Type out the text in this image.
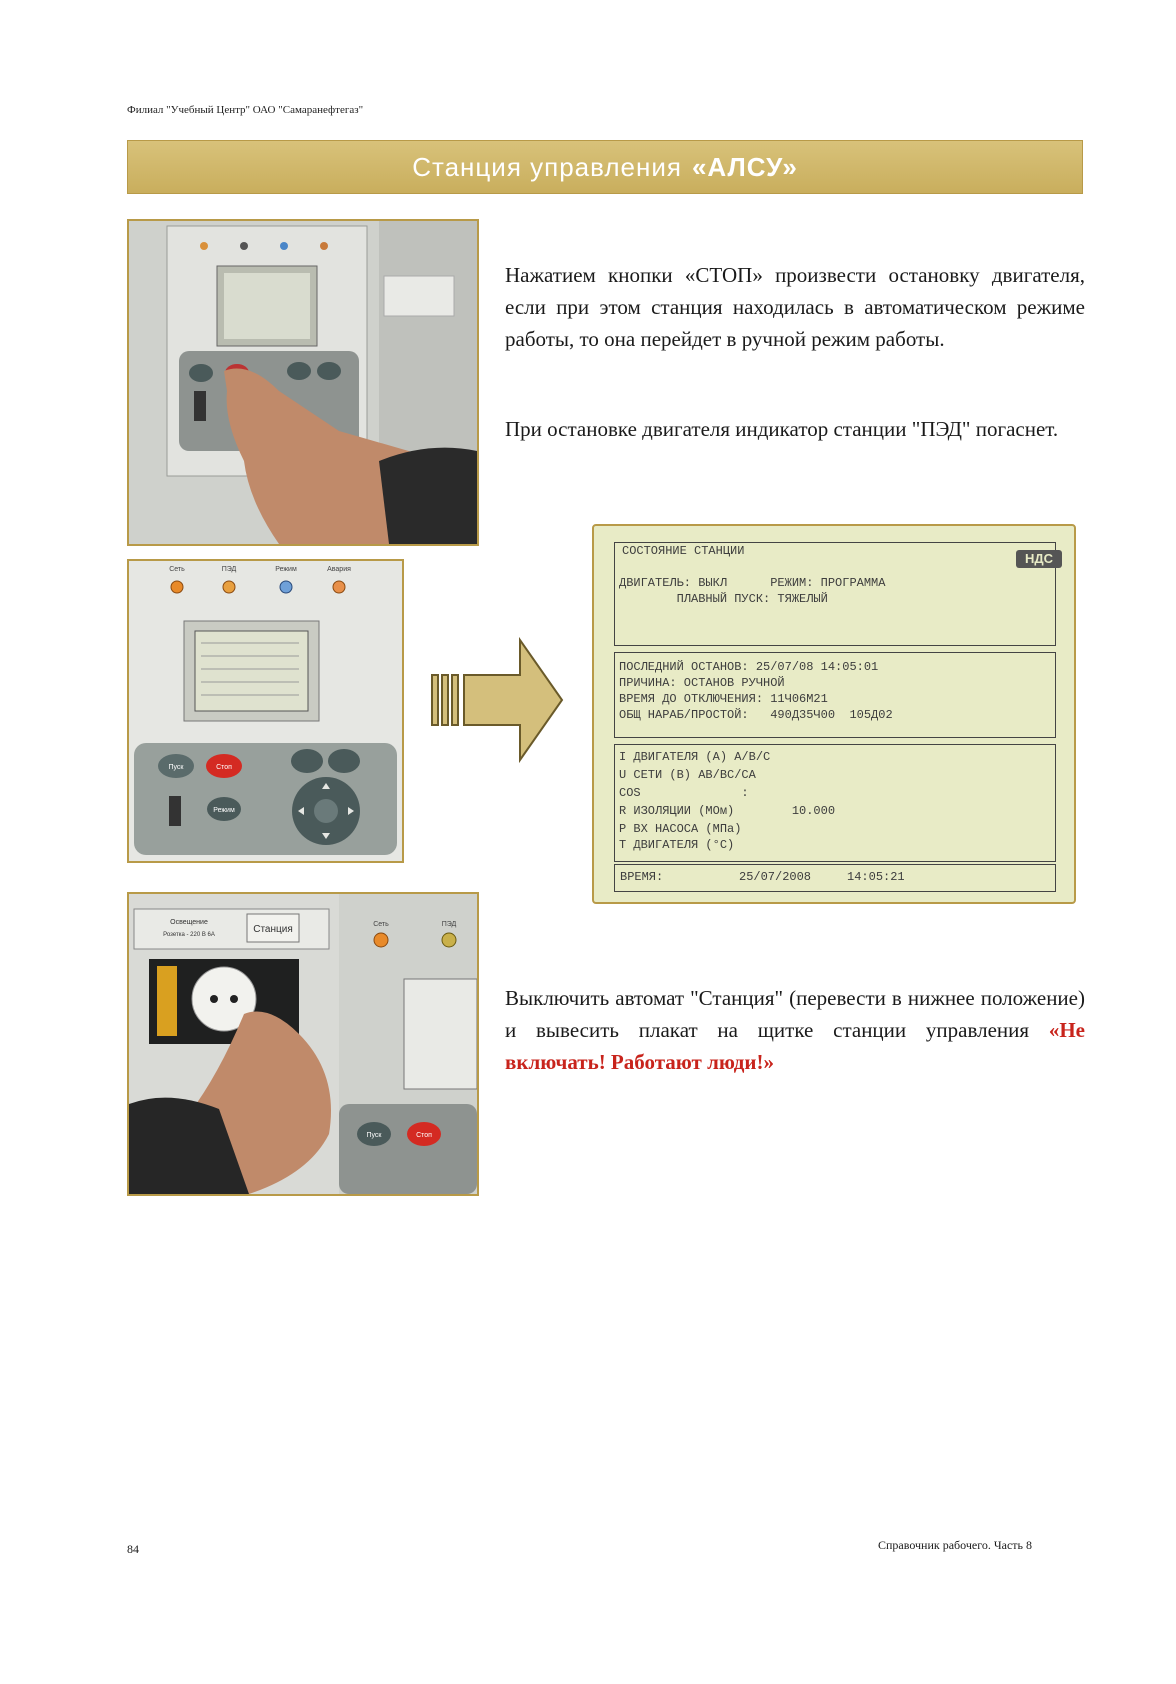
Филиал "Учебный Центр" ОАО "Самаранефтегаз"
Станция управления «АЛСУ»
Нажатием кнопки «СТОП» произвести остановку двигателя, если при этом станция находилась в автоматическом режиме работы, то она перейдет в ручной режим работы.
При остановке двигателя индикатор станции "ПЭД" погаснет.
Выключить автомат "Станция" (перевести в нижнее положение) и вывесить плакат на щитке станции управления «Не включать! Работают люди!»
Сеть	ПЭД	Режим	Авария
Пуск	Стоп
Режим
СОСТОЯНИЕ СТАНЦИИ	НДС
ДВИГАТЕЛЬ: ВЫКЛ      РЕЖИМ: ПРОГРАММА
ПЛАВНЫЙ ПУСК: ТЯЖЕЛЫЙ
ПОСЛЕДНИЙ ОСТАНОВ: 25/07/08 14:05:01
ПРИЧИНА: ОСТАНОВ РУЧНОЙ
ВРЕМЯ ДО ОТКЛЮЧЕНИЯ: 11Ч06М21
ОБЩ НАРАБ/ПРОСТОЙ:   490Д35Ч00  105Д02
I ДВИГАТЕЛЯ (А) A/B/C
U СЕТИ (В) AB/BC/CA
COS              :
R ИЗОЛЯЦИИ (МОм)        10.000
P ВХ НАСОСА (МПа)
T ДВИГАТЕЛЯ (°С)
ВРЕМЯ:	25/07/2008     14:05:21
Освещение
Розетка - 220 В 6А	Станция	Сеть	ПЭД
Пуск	Стоп
84	Справочник рабочего. Часть 8
